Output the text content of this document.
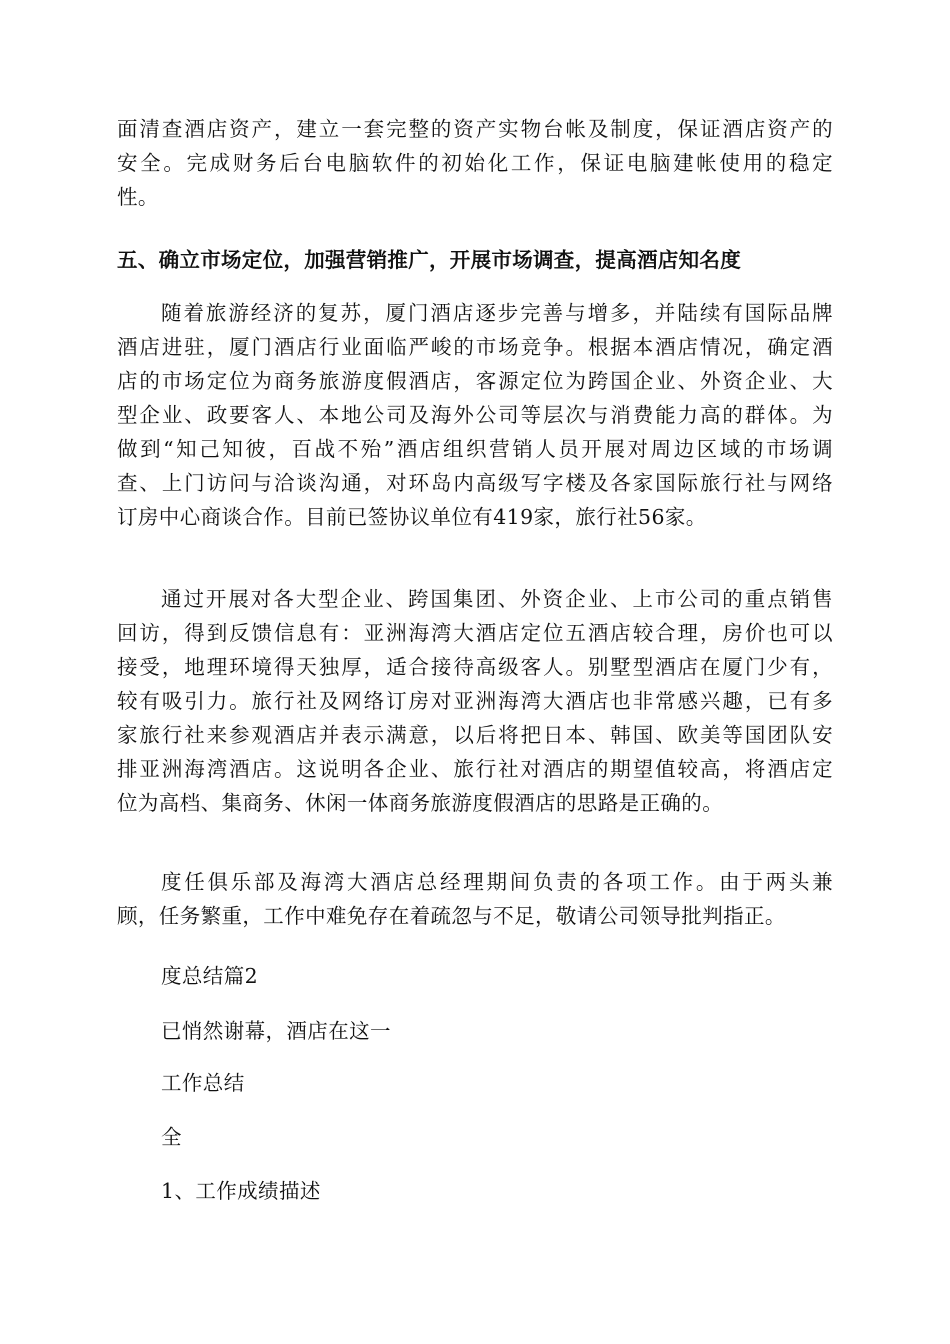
面清查酒店资产，建立一套完整的资产实物台帐及制度，保证酒店资产的
安全。完成财务后台电脑软件的初始化工作，保证电脑建帐使用的稳定
性。
五、确立市场定位，加强营销推广，开展市场调查，提高酒店知名度
随着旅游经济的复苏，厦门酒店逐步完善与增多，并陆续有国际品牌
酒店进驻，厦门酒店行业面临严峻的市场竞争。根据本酒店情况，确定酒
店的市场定位为商务旅游度假酒店，客源定位为跨国企业、外资企业、大
型企业、政要客人、本地公司及海外公司等层次与消费能力高的群体。为
做到“知己知彼，百战不殆”酒店组织营销人员开展对周边区域的市场调
查、上门访问与洽谈沟通，对环岛内高级写字楼及各家国际旅行社与网络
订房中心商谈合作。目前已签协议单位有419家，旅行社56家。
通过开展对各大型企业、跨国集团、外资企业、上市公司的重点销售
回访，得到反馈信息有：亚洲海湾大酒店定位五酒店较合理，房价也可以
接受，地理环境得天独厚，适合接待高级客人。别墅型酒店在厦门少有，
较有吸引力。旅行社及网络订房对亚洲海湾大酒店也非常感兴趣，已有多
家旅行社来参观酒店并表示满意，以后将把日本、韩国、欧美等国团队安
排亚洲海湾酒店。这说明各企业、旅行社对酒店的期望值较高，将酒店定
位为高档、集商务、休闲一体商务旅游度假酒店的思路是正确的。
度任俱乐部及海湾大酒店总经理期间负责的各项工作。由于两头兼
顾，任务繁重，工作中难免存在着疏忽与不足，敬请公司领导批判指正。
度总结篇2
已悄然谢幕，酒店在这一
工作总结
全
1、工作成绩描述
